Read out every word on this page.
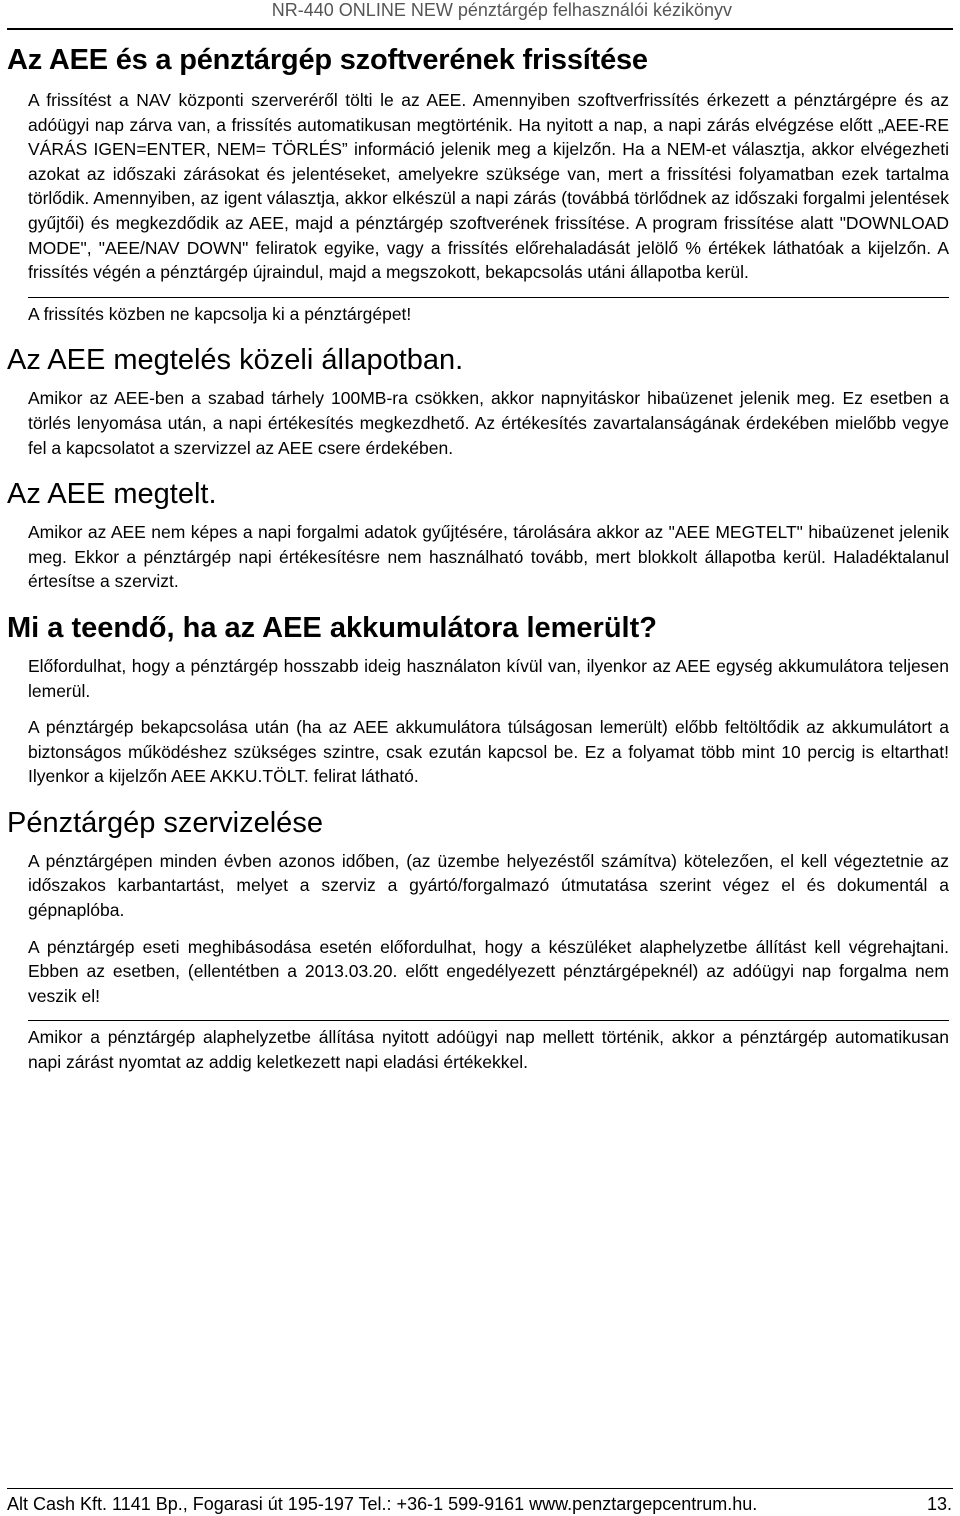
NR-440 ONLINE NEW pénztárgép felhasználói kézikönyv
Az AEE és a pénztárgép szoftverének frissítése

A frissítést a NAV központi szerveréről tölti le az AEE. Amennyiben szoftverfrissítés érkezett a pénztárgépre és az adóügyi nap zárva van, a frissítés automatikusan megtörténik. Ha nyitott a nap, a napi zárás elvégzése előtt „AEE-RE VÁRÁS IGEN=ENTER, NEM= TÖRLÉS” információ jelenik meg a kijelzőn. Ha a NEM-et választja, akkor elvégezheti azokat az időszaki zárásokat és jelentéseket, amelyekre szüksége van, mert a frissítési folyamatban ezek tartalma törlődik. Amennyiben, az igent választja, akkor elkészül a napi zárás (továbbá törlődnek az időszaki forgalmi jelentések gyűjtői) és megkezdődik az AEE, majd a pénztárgép szoftverének frissítése. A program frissítése alatt "DOWNLOAD MODE", "AEE/NAV DOWN" feliratok egyike, vagy a frissítés előrehaladását jelölő % értékek láthatóak a kijelzőn. A frissítés végén a pénztárgép újraindul, majd a megszokott, bekapcsolás utáni állapotba kerül.

A frissítés közben ne kapcsolja ki a pénztárgépet!

Az AEE megtelés közeli állapotban.

Amikor az AEE-ben a szabad tárhely 100MB-ra csökken, akkor napnyitáskor hibaüzenet jelenik meg. Ez esetben a törlés lenyomása után, a napi értékesítés megkezdhető. Az értékesítés zavartalanságának érdekében mielőbb vegye fel a kapcsolatot a szervizzel az AEE csere érdekében.

Az AEE megtelt.

Amikor az AEE nem képes a napi forgalmi adatok gyűjtésére, tárolására akkor az "AEE MEGTELT" hibaüzenet jelenik meg. Ekkor a pénztárgép napi értékesítésre nem használható tovább, mert blokkolt állapotba kerül. Haladéktalanul értesítse a szervizt.

Mi a teendő, ha az AEE akkumulátora lemerült?

Előfordulhat, hogy a pénztárgép hosszabb ideig használaton kívül van, ilyenkor az AEE egység akkumulátora teljesen lemerül.

A pénztárgép bekapcsolása után (ha az AEE akkumulátora túlságosan lemerült) előbb feltöltődik az akkumulátort a biztonságos működéshez szükséges szintre, csak ezután kapcsol be. Ez a folyamat több mint 10 percig is eltarthat! Ilyenkor a kijelzőn AEE AKKU.TÖLT. felirat látható.

Pénztárgép szervizelése

A pénztárgépen minden évben azonos időben, (az üzembe helyezéstől számítva) kötelezően, el kell végeztetnie az időszakos karbantartást, melyet a szerviz a gyártó/forgalmazó útmutatása szerint végez el és dokumentál a gépnaplóba.

A pénztárgép eseti meghibásodása esetén előfordulhat, hogy a készüléket alaphelyzetbe állítást kell végrehajtani. Ebben az esetben, (ellentétben a 2013.03.20. előtt engedélyezett pénztárgépeknél) az adóügyi nap forgalma nem veszik el!

Amikor a pénztárgép alaphelyzetbe állítása nyitott adóügyi nap mellett történik, akkor a pénztárgép automatikusan napi zárást nyomtat az addig keletkezett napi eladási értékekkel.

Alt Cash Kft. 1141 Bp., Fogarasi út 195-197 Tel.: +36-1 599-9161 www.penztargepcentrum.hu.	13.
